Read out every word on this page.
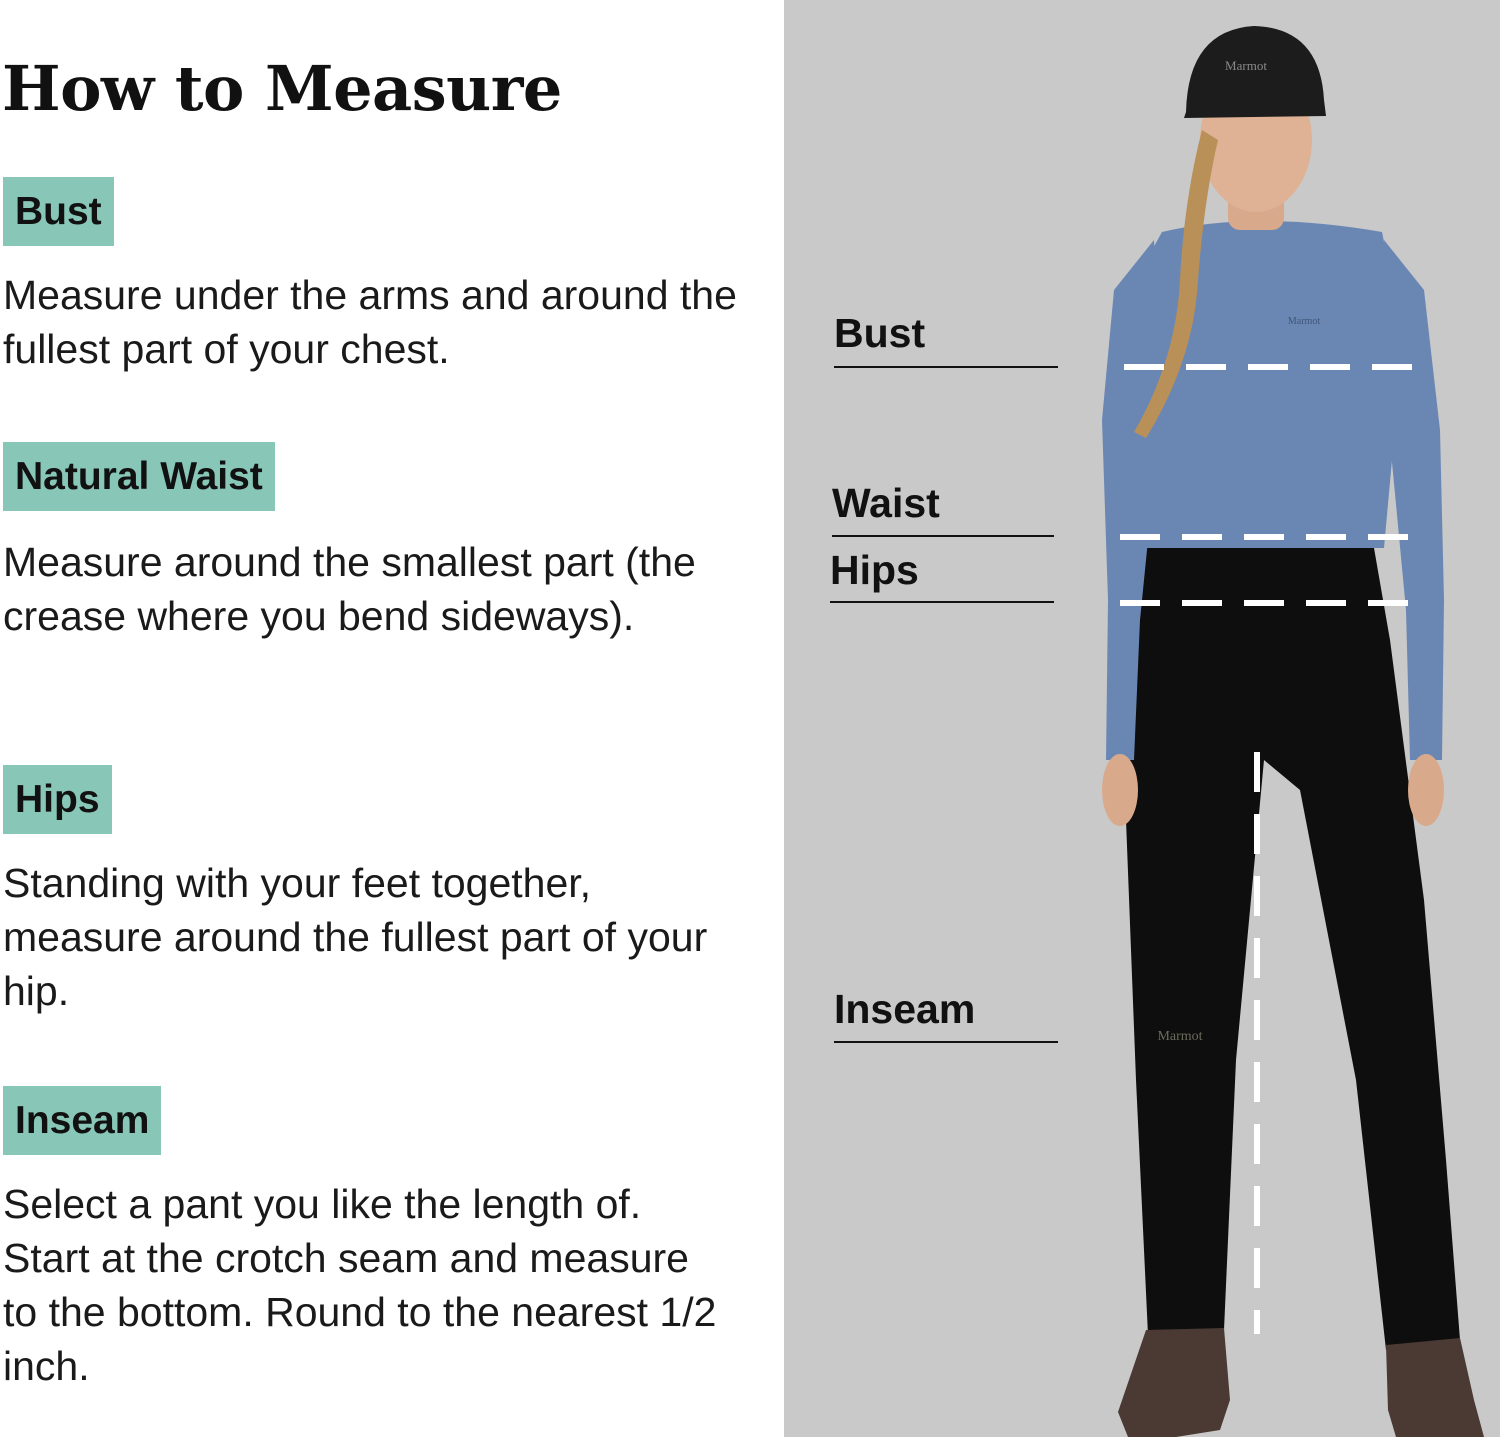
How to Measure
Bust

Measure under the arms and around the fullest part of your chest.

Natural Waist

Measure around the smallest part (the crease where you bend sideways).

Hips

Standing with your feet together, measure around the fullest part of your hip.

Inseam

Select a pant you like the length of. Start at the crotch seam and measure to the bottom. Round to the nearest 1/2 inch.

Marmot
Marmot
Marmot
Bust
Waist
Hips
Inseam
